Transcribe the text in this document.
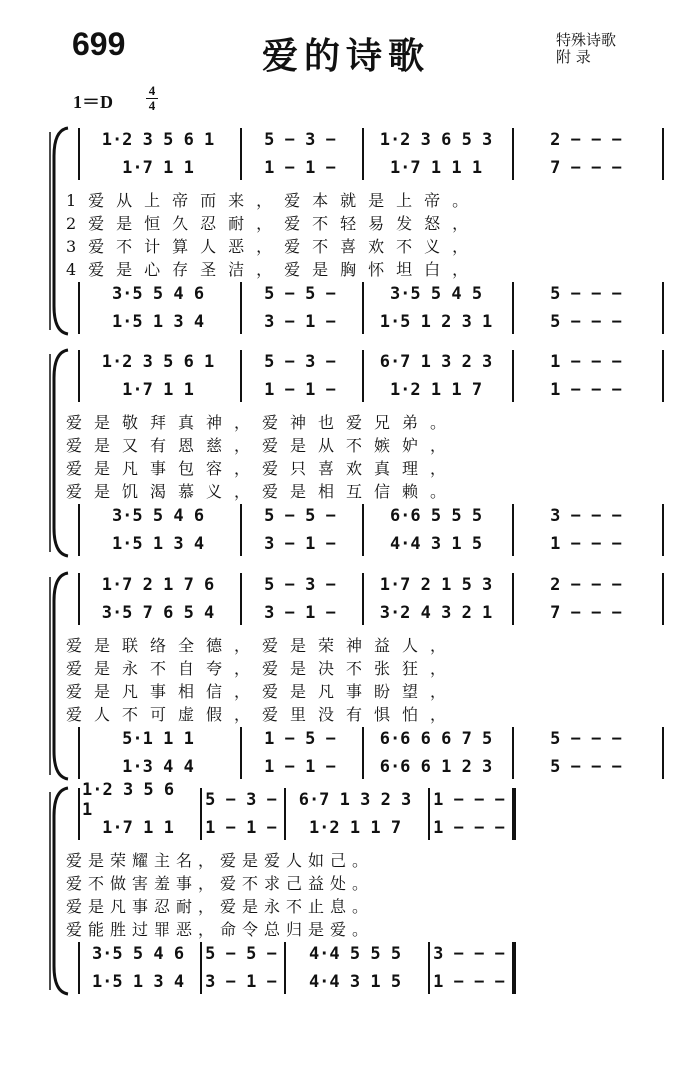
699	爱的诗歌	特殊诗歌
附 录
1＝D
4
4
1·2 3 5 6 1	5 − 3 −	1·2 3 6 5 3	2 − − −
1·7 1 1	1 − 1 −	1·7 1 1 1	7 − − −
3·5 5 4 6	5 − 5 −	3·5 5 4 5	5 − − −
1·5 1 3 4	3 − 1 −	1·5 1 2 3 1	5 − − −
1爱从上帝而来，爱本就是上帝。
2爱是恒久忍耐，爱不轻易发怒，
3爱不计算人恶，爱不喜欢不义，
4爱是心存圣洁，爱是胸怀坦白，
1·2 3 5 6 1	5 − 3 −	6·7 1 3 2 3	1 − − −
1·7 1 1	1 − 1 −	1·2 1 1 7	1 − − −
3·5 5 4 6	5 − 5 −	6·6 5 5 5	3 − − −
1·5 1 3 4	3 − 1 −	4·4 3 1 5	1 − − −
爱是敬拜真神，爱神也爱兄弟。
爱是又有恩慈，爱是从不嫉妒，
爱是凡事包容，爱只喜欢真理，
爱是饥渴慕义，爱是相互信赖。
1·7 2 1 7 6	5 − 3 −	1·7 2 1 5 3	2 − − −
3·5 7 6 5 4	3 − 1 −	3·2 4 3 2 1	7 − − −
5·1 1 1	1 − 5 −	6·6 6 6 7 5	5 − − −
1·3 4 4	1 − 1 −	6·6 6 1 2 3	5 − − −
爱是联络全德，爱是荣神益人，
爱是永不自夸，爱是决不张狂，
爱是凡事相信，爱是凡事盼望，
爱人不可虚假，爱里没有惧怕，
1·2 3 5 6 1	5 − 3 −	6·7 1 3 2 3	1 − − −
1·7 1 1	1 − 1 −	1·2 1 1 7	1 − − −
3·5 5 4 6	5 − 5 −	4·4 5 5 5	3 − − −
1·5 1 3 4	3 − 1 −	4·4 3 1 5	1 − − −
爱是荣耀主名，爱是爱人如己。
爱不做害羞事，爱不求己益处。
爱是凡事忍耐，爱是永不止息。
爱能胜过罪恶，命令总归是爱。
